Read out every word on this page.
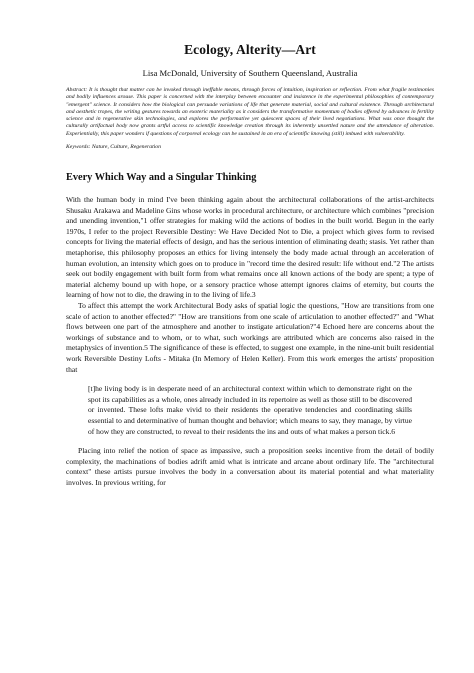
Ecology, Alterity—Art
Lisa McDonald, University of Southern Queensland, Australia

Abstract: It is thought that matter can be invoked through ineffable means, through forces of intuition, inspiration or reflection. From what fragile testimonies and bodily influences arouse. This paper is concerned with the interplay between encounter and insistence in the experimental philosophies of contemporary "emergent" science. It considers how the biological can persuade variations of life that generate material, social and cultural existence. Through architectural and aesthetic tropes, the writing gestures towards an exoteric materiality as it considers the transformative momentum of bodies offered by advances in fertility science and in regenerative skin technologies, and explores the performative yet quiescent spaces of their lived negotiations. What was once thought the culturally artifactual body now grants artful access to scientific knowledge creation through its inherently unsettled nature and the attendance of alteration. Experientially, this paper wonders if questions of corporeal ecology can be sustained in an era of scientific knowing (still) imbued with vulnerability.

Keywords: Nature, Culture, Regeneration

Every Which Way and a Singular Thinking

With the human body in mind I've been thinking again about the architectural collaborations of the artist-architects Shusaku Arakawa and Madeline Gins whose works in procedural architecture, or architecture which combines "precision and unending invention,"1 offer strategies for making wild the actions of bodies in the built world. Begun in the early 1970s, I refer to the project Reversible Destiny: We Have Decided Not to Die, a project which gives form to revised concepts for living the material effects of design, and has the serious intention of eliminating death; stasis. Yet rather than metaphorise, this philosophy proposes an ethics for living intensely the body made actual through an acceleration of human evolution, an intensity which goes on to produce in "record time the desired result: life without end."2 The artists seek out bodily engagement with built form from what remains once all known actions of the body are spent; a type of material alchemy bound up with hope, or a sensory practice whose attempt ignores claims of eternity, but courts the learning of how not to die, the drawing in to the living of life.3

To affect this attempt the work Architectural Body asks of spatial logic the questions, "How are transitions from one scale of action to another effected?" "How are transitions from one scale of articulation to another effected?" and "What flows between one part of the atmosphere and another to instigate articulation?"4 Echoed here are concerns about the workings of substance and to whom, or to what, such workings are attributed which are concerns also raised in the metaphysics of invention.5 The significance of these is effected, to suggest one example, in the nine-unit built residential work Reversible Destiny Lofts - Mitaka (In Memory of Helen Keller). From this work emerges the artists' proposition that

[t]he living body is in desperate need of an architectural context within which to demonstrate right on the spot its capabilities as a whole, ones already included in its repertoire as well as those still to be discovered or invented. These lofts make vivid to their residents the operative tendencies and coordinating skills essential to and determinative of human thought and behavior; which means to say, they manage, by virtue of how they are constructed, to reveal to their residents the ins and outs of what makes a person tick.6

Placing into relief the notion of space as impassive, such a proposition seeks incentive from the detail of bodily complexity, the machinations of bodies adrift amid what is intricate and arcane about ordinary life. The "architectural context" these artists pursue involves the body in a conversation about its material potential and what materiality involves. In previous writing, for
